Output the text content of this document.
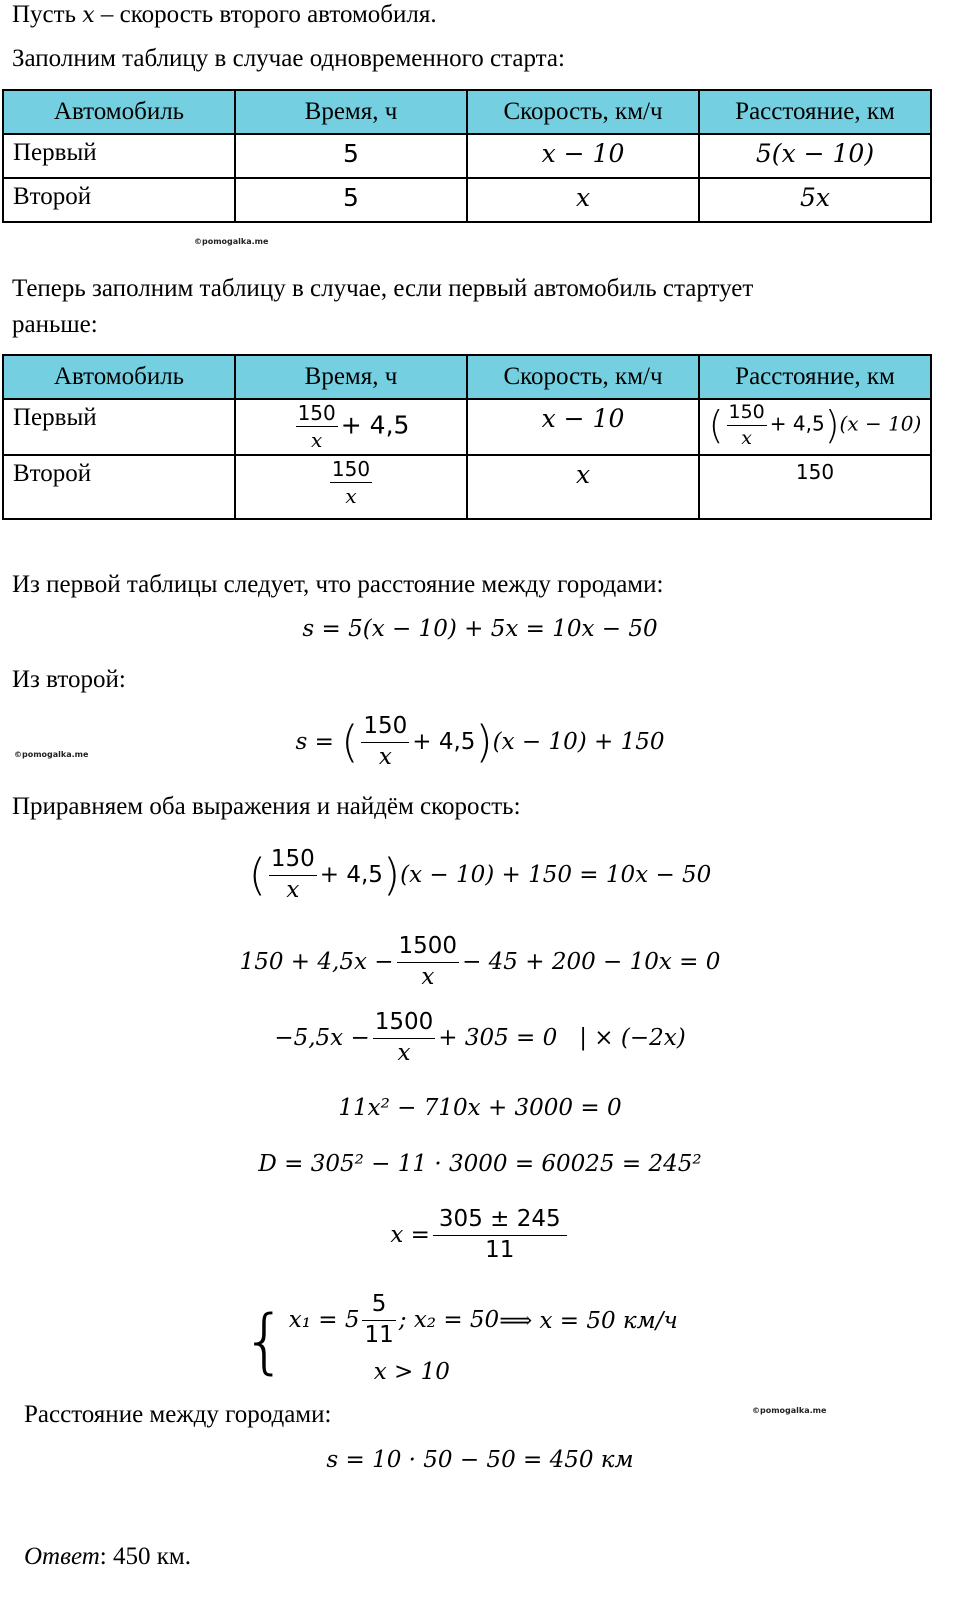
Пусть x – скорость второго автомобиля.
Заполним таблицу в случае одновременного старта:
Автомобиль	Время, ч	Скорость, км/ч	Расстояние, км
Первый	5	x − 10	5(x − 10)
Второй	5	x	5x
©pomogalka.me
Теперь заполним таблицу в случае, если первый автомобиль стартует
раньше:
Автомобиль	Время, ч	Скорость, км/ч	Расстояние, км
Первый	$\frac{150}{x} + 4,5$	x − 10	( $\frac{150}{x} + 4,5)(x - 10)$
Второй	$\frac{150}{x}$	x	150
Из первой таблицы следует, что расстояние между городами:
s = 5(x − 10) + 5x = 10x − 50
Из второй:
©pomogalka.me	s = ( $\frac{150}{x} + 4,5)(x - 10) + 150$
Приравняем оба выражения и найдём скорость:
( $\frac{150}{x} + 4,5)(x - 10) + 150 = 10x - 50$
$150 + 4,5x - \frac{1500}{x} - 45 + 200 - 10x = 0$
$-5,5x - \frac{1500}{x} + 305 = 0$   | × (−2x)
11x² − 710x + 3000 = 0
D = 305² − 11 · 3000 = 60025 = 245²
$x = \frac{305 \pm 245}{11}$
{ $x_1 = 5 \frac{5}{11}$ ; x₂ = 50
x > 10
⟹ x = 50 км/ч
Расстояние между городами:	©pomogalka.me
s = 10 · 50 − 50 = 450 км
Ответ: 450 км.
